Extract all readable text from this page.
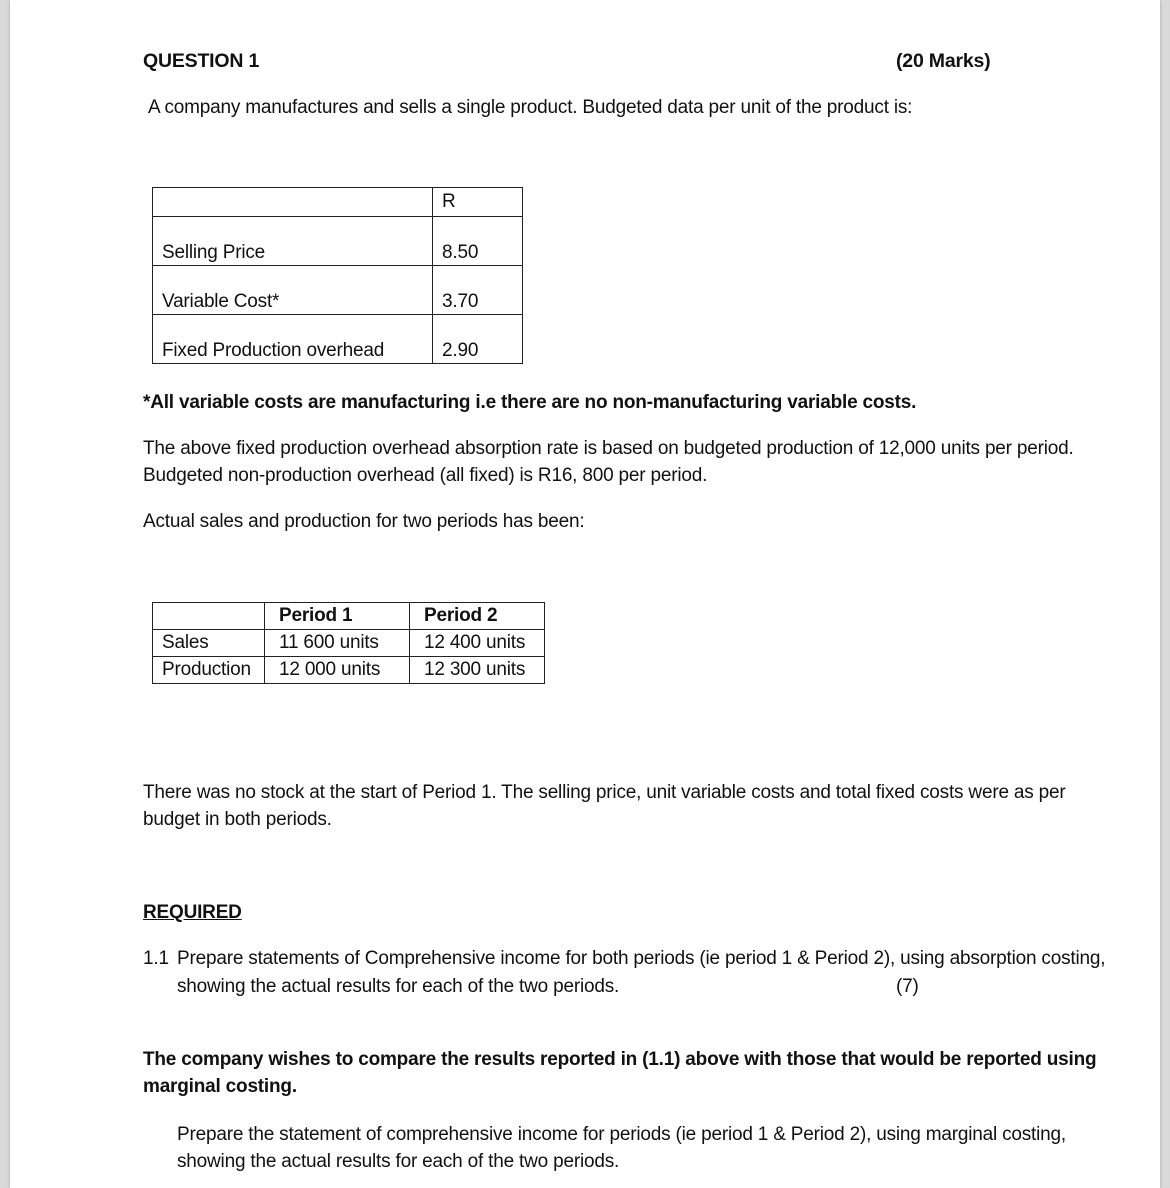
QUESTION 1	(20 Marks)
A company manufactures and sells a single product. Budgeted data per unit of the product is:
	R
Selling Price	8.50
Variable Cost*	3.70
Fixed Production overhead	2.90
*All variable costs are manufacturing i.e there are no non-manufacturing variable costs.
The above fixed production overhead absorption rate is based on budgeted production of 12,000 units per period.
Budgeted non-production overhead (all fixed) is R16, 800 per period.
Actual sales and production for two periods has been:
	Period 1	Period 2
Sales	11 600 units	12 400 units
Production	12 000 units	12 300 units
There was no stock at the start of Period 1. The selling price, unit variable costs and total fixed costs were as per
budget in both periods.
REQUIRED
1.1 Prepare statements of Comprehensive income for both periods (ie period 1 & Period 2), using absorption costing,
showing the actual results for each of the two periods.	(7)
The company wishes to compare the results reported in (1.1) above with those that would be reported using
marginal costing.
Prepare the statement of comprehensive income for periods (ie period 1 & Period 2), using marginal costing,
showing the actual results for each of the two periods.
